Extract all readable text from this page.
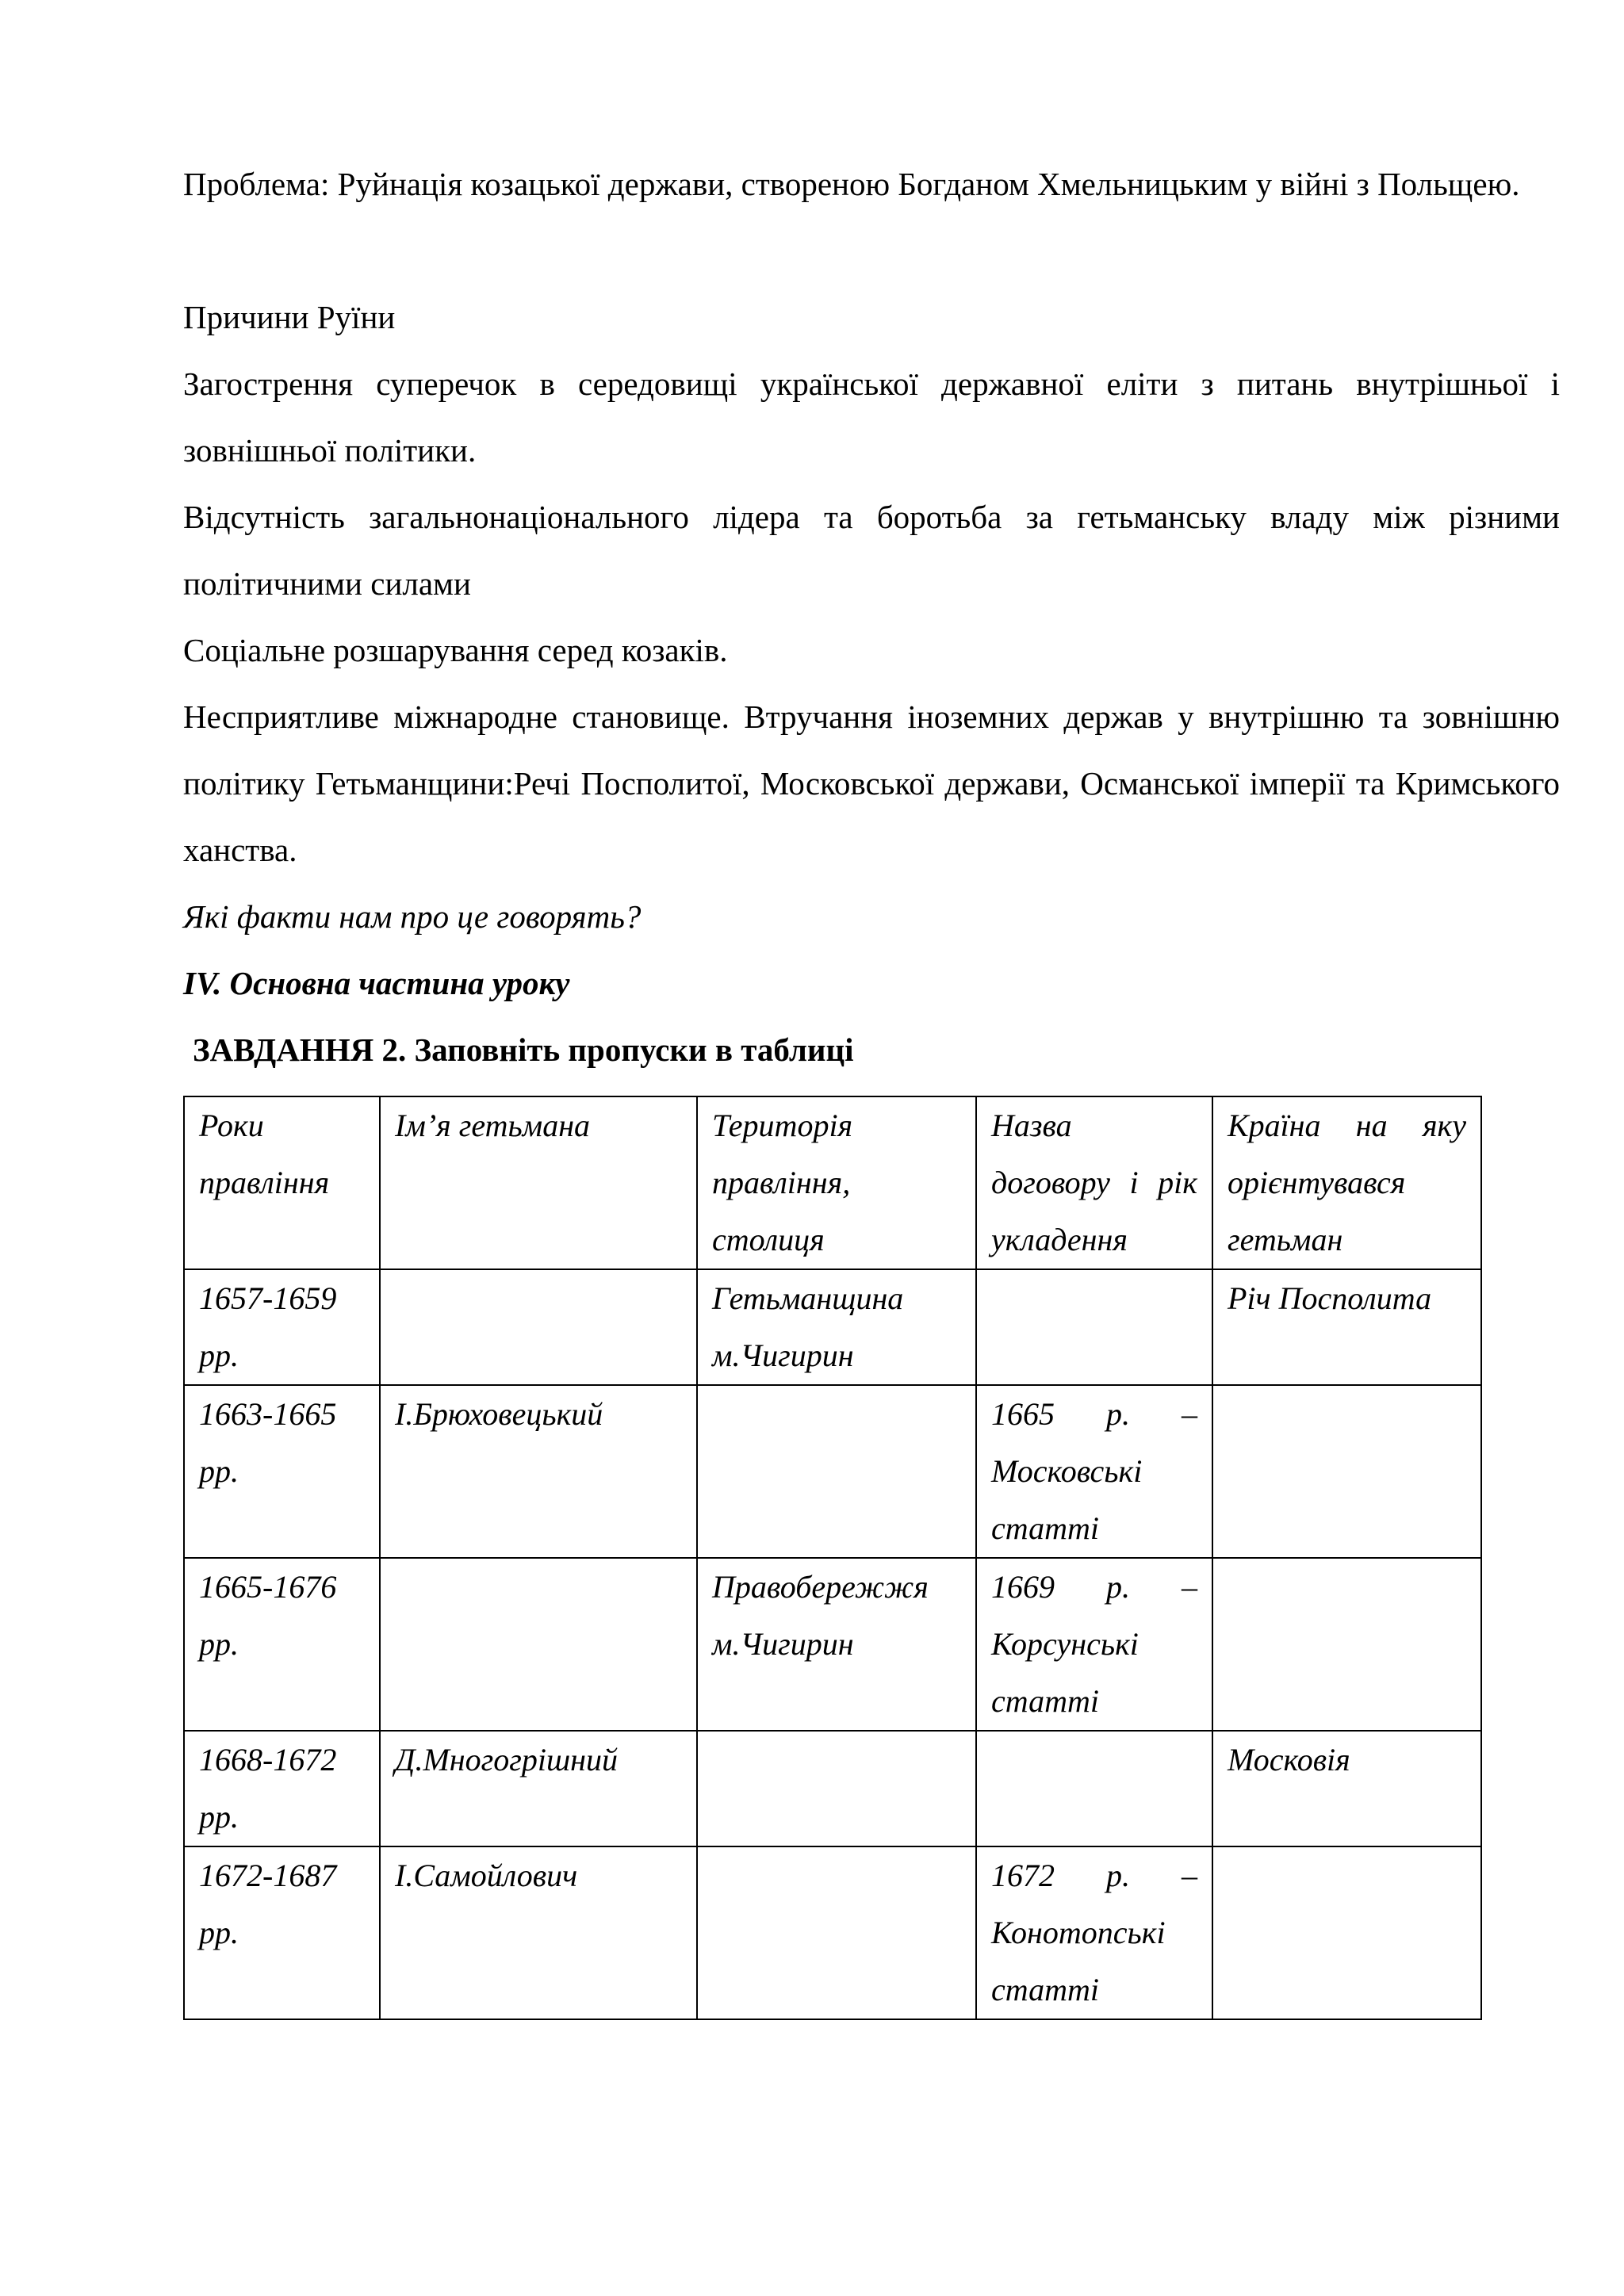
Проблема: Руйнація козацької держави, створеною Богданом Хмельницьким у війні з Польщею.

Причини Руїни

Загострення суперечок в середовищі української державної еліти з питань внутрішньої і зовнішньої політики.

Відсутність загальнонаціонального лідера та боротьба за гетьманську владу між різними політичними силами

Соціальне розшарування серед козаків.

Несприятливе міжнародне становище. Втручання іноземних держав у внутрішню та зовнішню політику Гетьманщини:Речі Посполитої, Московської держави, Османської імперії та Кримського ханства.

Які факти нам про це говорять?

IV. Основна частина уроку

ЗАВДАННЯ 2. Заповніть пропуски в таблиці

Роки правління	Ім’я гетьмана	Територія правління, столиця	Назва договору і рік укладення	Країна на яку орієнтувався гетьман
1657-1659 рр.		Гетьманщина м.Чигирин		Річ Посполита
1663-1665 рр.	І.Брюховецький		1665 р. – Московські статті	
1665-1676 рр.		Правобережжя м.Чигирин	1669 р. – Корсунські статті	
1668-1672 рр.	Д.Многогрішний			Московія
1672-1687 рр.	І.Самойлович		1672 р. – Конотопські статті	
